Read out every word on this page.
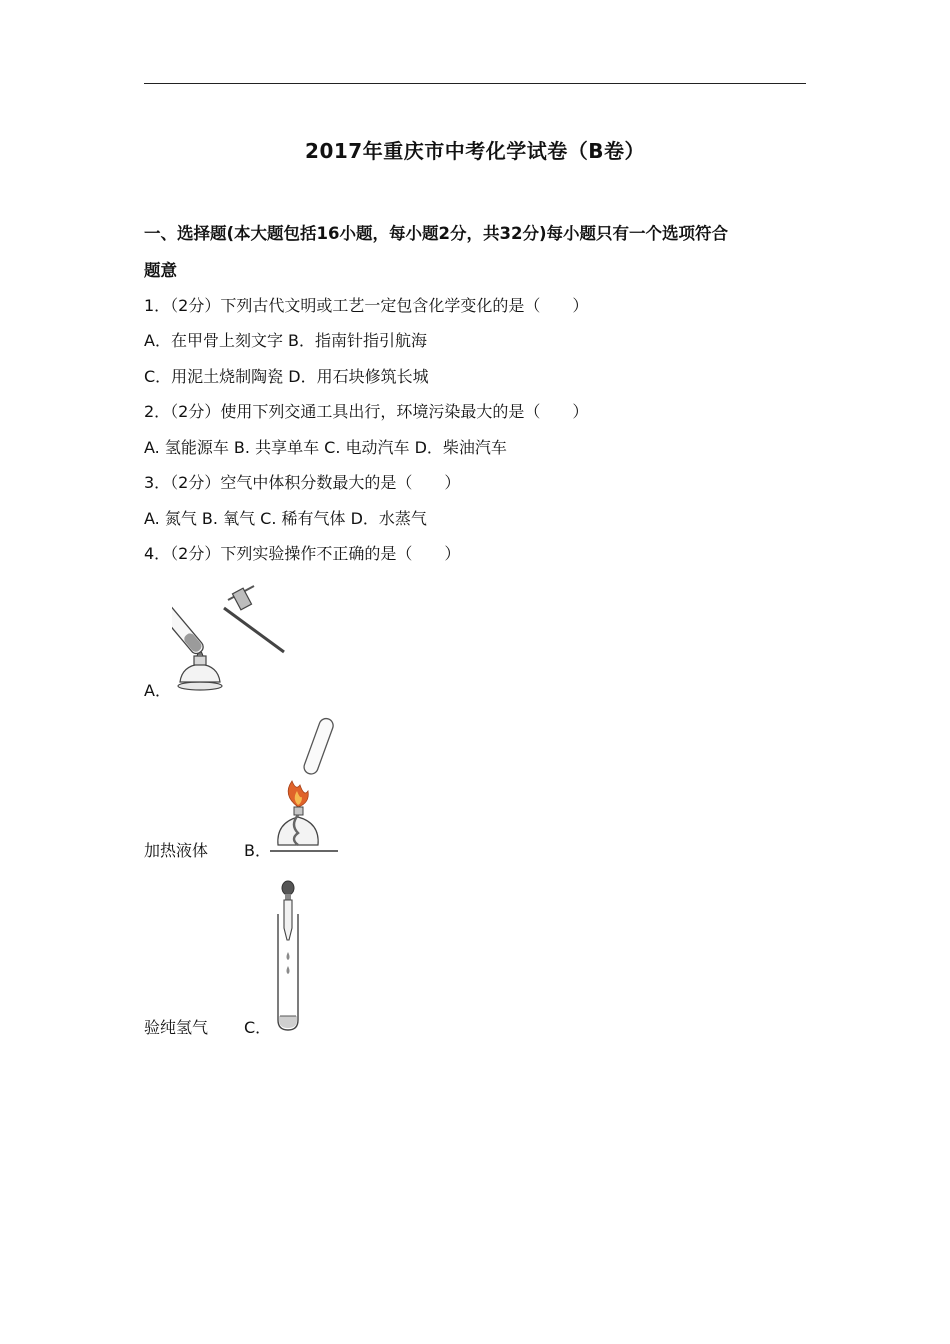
2017年重庆市中考化学试卷（B卷）
一、选择题(本大题包括16小题，每小题2分，共32分)每小题只有一个选项符合
题意
1．（2分）下列古代文明或工艺一定包含化学变化的是（　　）
A．在甲骨上刻文字 B．指南针指引航海
C．用泥土烧制陶瓷 D．用石块修筑长城
2．（2分）使用下列交通工具出行，环境污染最大的是（　　）
A. 氢能源车 B. 共享单车 C. 电动汽车 D．柴油汽车
3．（2分）空气中体积分数最大的是（　　）
A. 氮气 B. 氧气 C. 稀有气体 D．水蒸气
4．（2分）下列实验操作不正确的是（　　）
A．
加热液体 B．
验纯氢气 C．
